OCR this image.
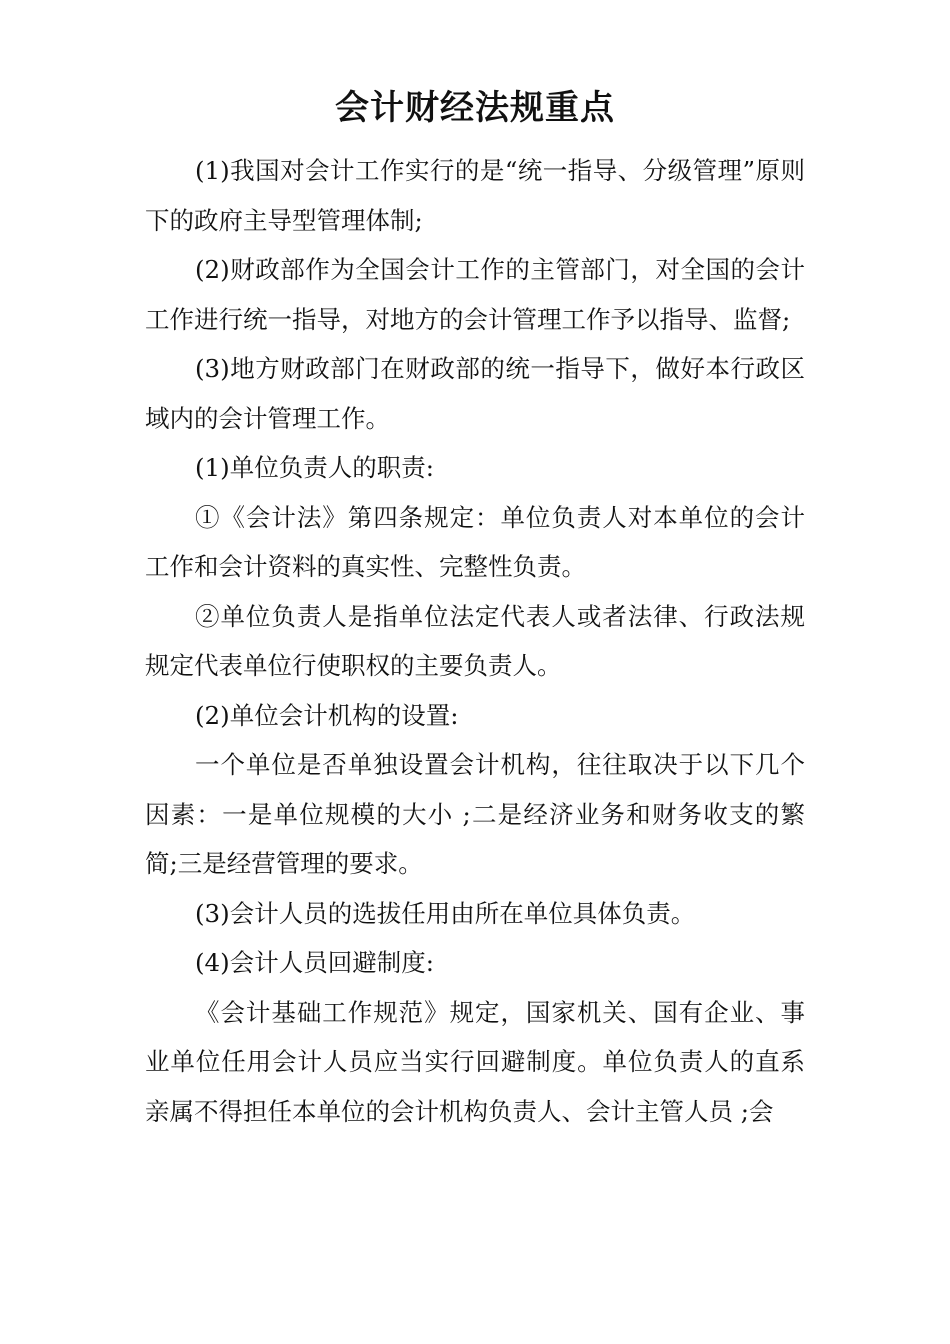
会计财经法规重点

(1)我国对会计工作实行的是“统一指导、分级管理”原则下的政府主导型管理体制;

(2)财政部作为全国会计工作的主管部门，对全国的会计工作进行统一指导，对地方的会计管理工作予以指导、监督;

(3)地方财政部门在财政部的统一指导下，做好本行政区域内的会计管理工作。

(1)单位负责人的职责:

①《会计法》第四条规定：单位负责人对本单位的会计工作和会计资料的真实性、完整性负责。

②单位负责人是指单位法定代表人或者法律、行政法规规定代表单位行使职权的主要负责人。

(2)单位会计机构的设置:

一个单位是否单独设置会计机构，往往取决于以下几个因素：一是单位规模的大小 ;二是经济业务和财务收支的繁简;三是经营管理的要求。

(3)会计人员的选拔任用由所在单位具体负责。

(4)会计人员回避制度:

《会计基础工作规范》规定，国家机关、国有企业、事业单位任用会计人员应当实行回避制度。单位负责人的直系亲属不得担任本单位的会计机构负责人、会计主管人员 ;会
